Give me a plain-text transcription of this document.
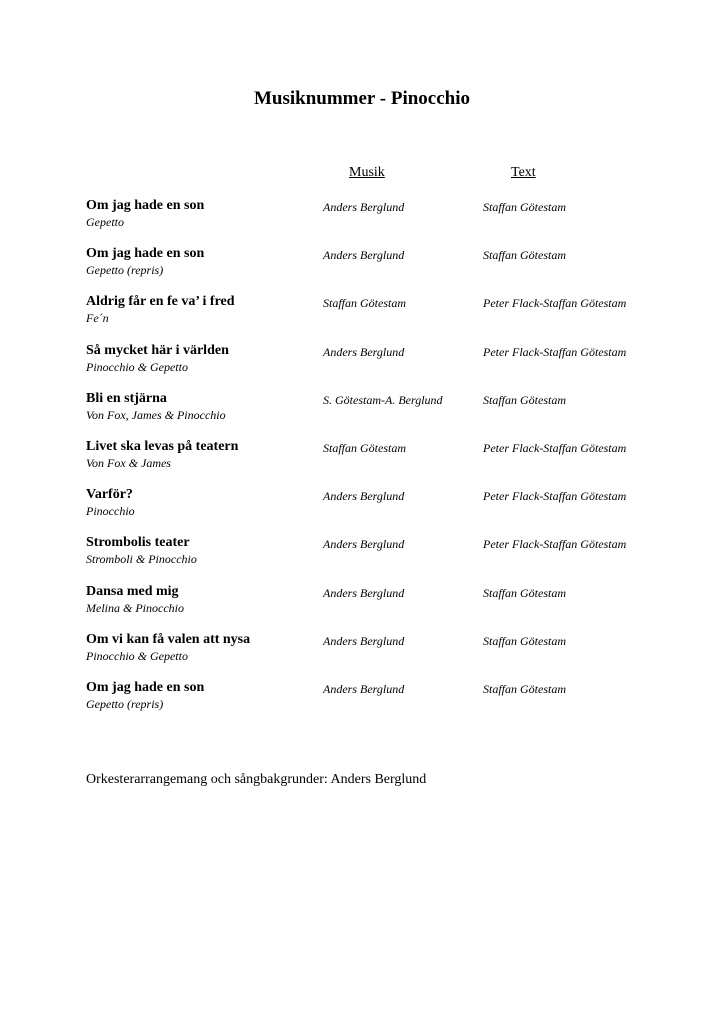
Musiknummer - Pinocchio
Musik	Text
Om jag hade en son
Gepetto
Anders Berglund	Staffan Götestam
Om jag hade en son
Gepetto (repris)
Anders Berglund	Staffan Götestam
Aldrig får en fe va’ i fred
Fe´n
Staffan Götestam	Peter Flack-Staffan Götestam
Så mycket här i världen
Pinocchio & Gepetto
Anders Berglund	Peter Flack-Staffan Götestam
Bli en stjärna
Von Fox, James & Pinocchio
S. Götestam-A. Berglund	Staffan Götestam
Livet ska levas på teatern
Von Fox & James
Staffan Götestam	Peter Flack-Staffan Götestam
Varför?
Pinocchio
Anders Berglund	Peter Flack-Staffan Götestam
Strombolis teater
Stromboli & Pinocchio
Anders Berglund	Peter Flack-Staffan Götestam
Dansa med mig
Melina & Pinocchio
Anders Berglund	Staffan Götestam
Om vi kan få valen att nysa
Pinocchio & Gepetto
Anders Berglund	Staffan Götestam
Om jag hade en son
Gepetto (repris)
Anders Berglund	Staffan Götestam
Orkesterarrangemang och sångbakgrunder: Anders Berglund
